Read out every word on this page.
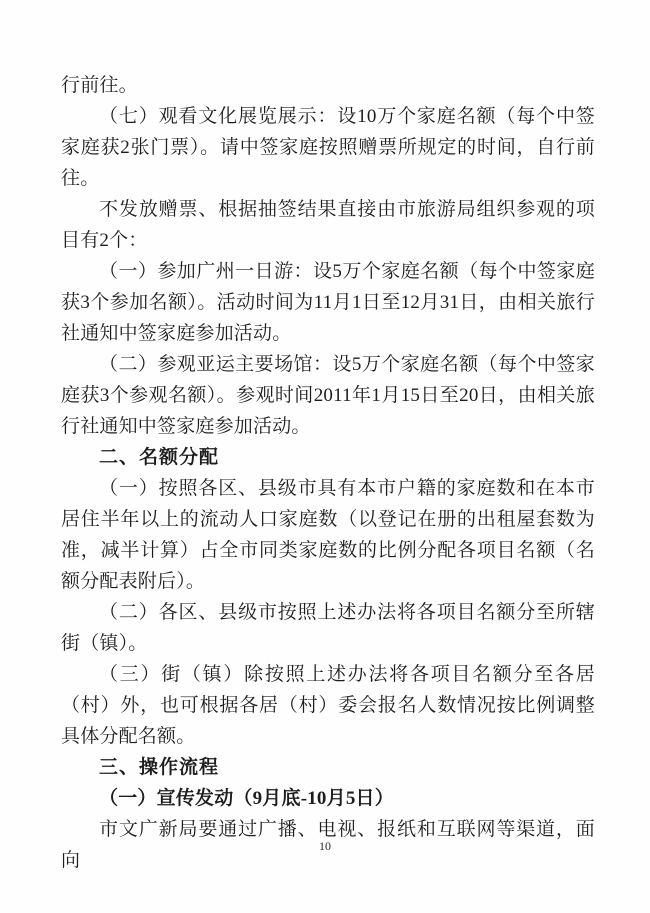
行前往。

（七）观看文化展览展示：设10万个家庭名额（每个中签家庭获2张门票）。请中签家庭按照赠票所规定的时间，自行前往。

不发放赠票、根据抽签结果直接由市旅游局组织参观的项目有2个：

（一）参加广州一日游：设5万个家庭名额（每个中签家庭获3个参加名额）。活动时间为11月1日至12月31日，由相关旅行社通知中签家庭参加活动。

（二）参观亚运主要场馆：设5万个家庭名额（每个中签家庭获3个参观名额）。参观时间2011年1月15日至20日，由相关旅行社通知中签家庭参加活动。

二、名额分配

（一）按照各区、县级市具有本市户籍的家庭数和在本市居住半年以上的流动人口家庭数（以登记在册的出租屋套数为准，减半计算）占全市同类家庭数的比例分配各项目名额（名额分配表附后）。

（二）各区、县级市按照上述办法将各项目名额分至所辖街（镇）。

（三）街（镇）除按照上述办法将各项目名额分至各居（村）外，也可根据各居（村）委会报名人数情况按比例调整具体分配名额。

三、操作流程

（一）宣传发动（9月底-10月5日）

市文广新局要通过广播、电视、报纸和互联网等渠道，面向

10
